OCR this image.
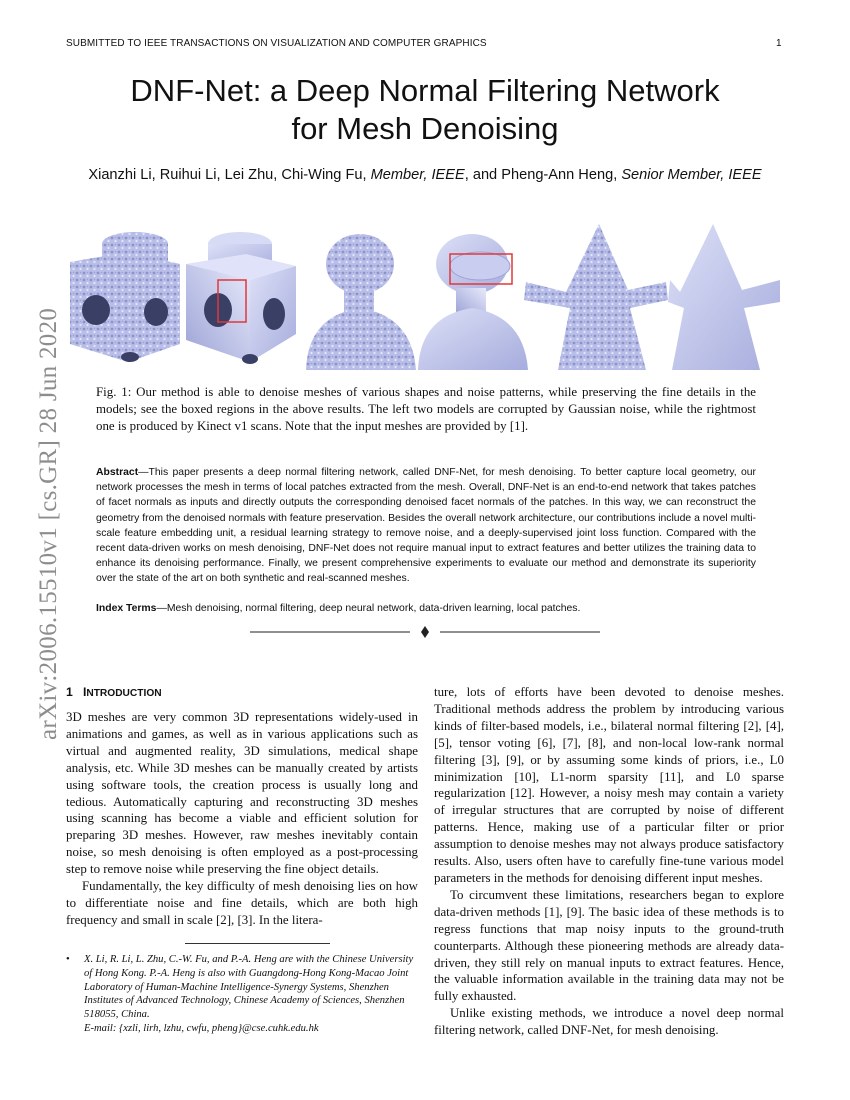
SUBMITTED TO IEEE TRANSACTIONS ON VISUALIZATION AND COMPUTER GRAPHICS	1
DNF-Net: a Deep Normal Filtering Network
for Mesh Denoising
Xianzhi Li, Ruihui Li, Lei Zhu, Chi-Wing Fu, Member, IEEE, and Pheng-Ann Heng, Senior Member, IEEE
arXiv:2006.15510v1 [cs.GR] 28 Jun 2020	Fig. 1: Our method is able to denoise meshes of various shapes and noise patterns, while preserving the fine details in the models; see the boxed regions in the above results. The left two models are corrupted by Gaussian noise, while the rightmost one is produced by Kinect v1 scans. Note that the input meshes are provided by [1].
Abstract—This paper presents a deep normal filtering network, called DNF-Net, for mesh denoising. To better capture local geometry, our network processes the mesh in terms of local patches extracted from the mesh. Overall, DNF-Net is an end-to-end network that takes patches of facet normals as inputs and directly outputs the corresponding denoised facet normals of the patches. In this way, we can reconstruct the geometry from the denoised normals with feature preservation. Besides the overall network architecture, our contributions include a novel multi-scale feature embedding unit, a residual learning strategy to remove noise, and a deeply-supervised joint loss function. Compared with the recent data-driven works on mesh denoising, DNF-Net does not require manual input to extract features and better utilizes the training data to enhance its denoising performance. Finally, we present comprehensive experiments to evaluate our method and demonstrate its superiority over the state of the art on both synthetic and real-scanned meshes.
Index Terms—Mesh denoising, normal filtering, deep neural network, data-driven learning, local patches.
1 INTRODUCTION

3D meshes are very common 3D representations widely-used in animations and games, as well as in various applications such as virtual and augmented reality, 3D simulations, medical shape analysis, etc. While 3D meshes can be manually created by artists using software tools, the creation process is usually long and tedious. Automatically capturing and reconstructing 3D meshes using scanning has become a viable and efficient solution for preparing 3D meshes. However, raw meshes inevitably contain noise, so mesh denoising is often employed as a post-processing step to remove noise while preserving the fine object details.

Fundamentally, the key difficulty of mesh denoising lies on how to differentiate noise and fine details, which are both high frequency and small in scale [2], [3]. In the litera-

• X. Li, R. Li, L. Zhu, C.-W. Fu, and P.-A. Heng are with the Chinese University of Hong Kong. P.-A. Heng is also with Guangdong-Hong Kong-Macao Joint Laboratory of Human-Machine Intelligence-Synergy Systems, Shenzhen Institutes of Advanced Technology, Chinese Academy of Sciences, Shenzhen 518055, China.
E-mail: {xzli, lirh, lzhu, cwfu, pheng}@cse.cuhk.edu.hk

ture, lots of efforts have been devoted to denoise meshes. Traditional methods address the problem by introducing various kinds of filter-based models, i.e., bilateral normal filtering [2], [4], [5], tensor voting [6], [7], [8], and non-local low-rank normal filtering [3], [9], or by assuming some kinds of priors, i.e., L0 minimization [10], L1-norm sparsity [11], and L0 sparse regularization [12]. However, a noisy mesh may contain a variety of irregular structures that are corrupted by noise of different patterns. Hence, making use of a particular filter or prior assumption to denoise meshes may not always produce satisfactory results. Also, users often have to carefully fine-tune various model parameters in the methods for denoising different input meshes.

To circumvent these limitations, researchers began to explore data-driven methods [1], [9]. The basic idea of these methods is to regress functions that map noisy inputs to the ground-truth counterparts. Although these pioneering methods are already data-driven, they still rely on manual inputs to extract features. Hence, the valuable information available in the training data may not be fully exhausted.

Unlike existing methods, we introduce a novel deep normal filtering network, called DNF-Net, for mesh denoising.
